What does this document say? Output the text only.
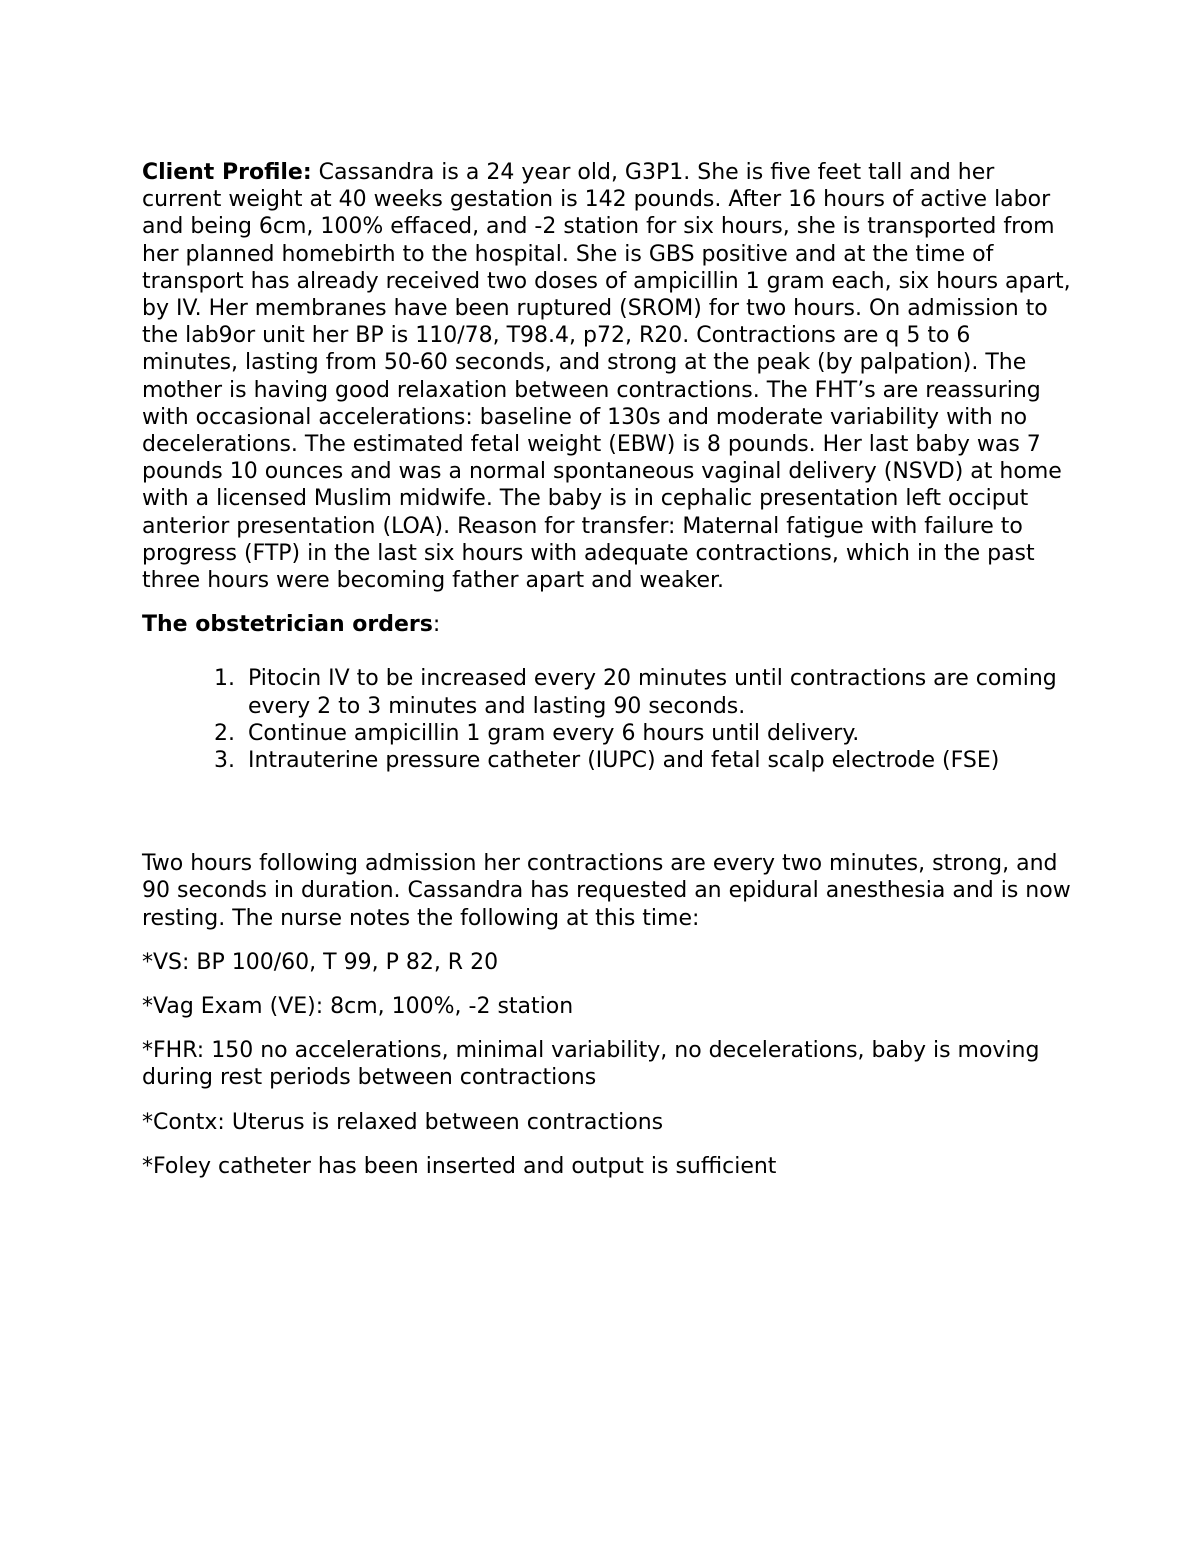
Client Profile: Cassandra is a 24 year old, G3P1. She is five feet tall and her current weight at 40 weeks gestation is 142 pounds. After 16 hours of active labor and being 6cm, 100% effaced, and -2 station for six hours, she is transported from her planned homebirth to the hospital. She is GBS positive and at the time of transport has already received two doses of ampicillin 1 gram each, six hours apart, by IV. Her membranes have been ruptured (SROM) for two hours. On admission to the lab9or unit her BP is 110/78, T98.4, p72, R20. Contractions are q 5 to 6 minutes, lasting from 50-60 seconds, and strong at the peak (by palpation). The mother is having good relaxation between contractions. The FHT’s are reassuring with occasional accelerations: baseline of 130s and moderate variability with no decelerations. The estimated fetal weight (EBW) is 8 pounds. Her last baby was 7 pounds 10 ounces and was a normal spontaneous vaginal delivery (NSVD) at home with a licensed Muslim midwife. The baby is in cephalic presentation left occiput anterior presentation (LOA). Reason for transfer: Maternal fatigue with failure to progress (FTP) in the last six hours with adequate contractions, which in the past three hours were becoming father apart and weaker.

The obstetrician orders:

1. Pitocin IV to be increased every 20 minutes until contractions are coming every 2 to 3 minutes and lasting 90 seconds.
2. Continue ampicillin 1 gram every 6 hours until delivery.
3. Intrauterine pressure catheter (IUPC) and fetal scalp electrode (FSE)

Two hours following admission her contractions are every two minutes, strong, and 90 seconds in duration. Cassandra has requested an epidural anesthesia and is now resting. The nurse notes the following at this time:

*VS: BP 100/60, T 99, P 82, R 20

*Vag Exam (VE): 8cm, 100%, -2 station

*FHR: 150 no accelerations, minimal variability, no decelerations, baby is moving during rest periods between contractions

*Contx: Uterus is relaxed between contractions

*Foley catheter has been inserted and output is sufficient
